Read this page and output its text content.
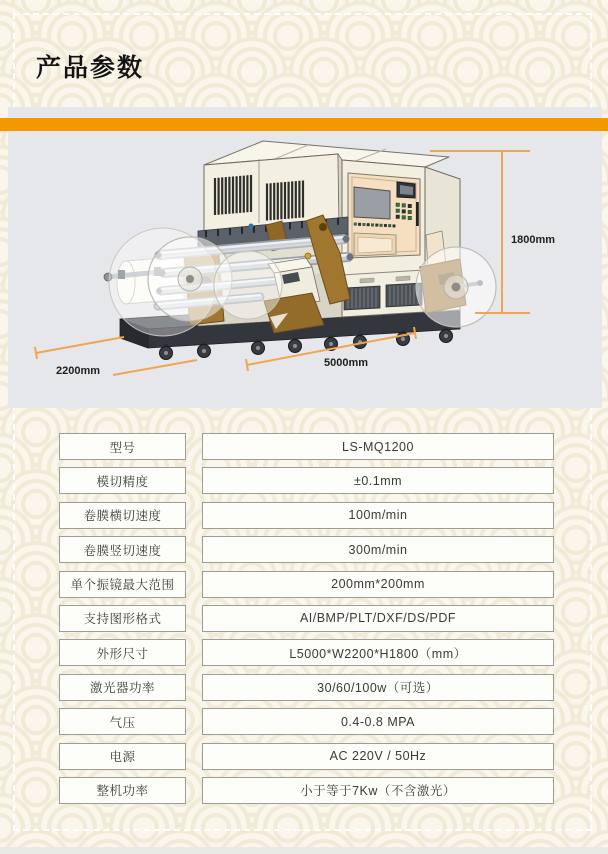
产品参数
1800mm
5000mm
2200mm
型号	LS-MQ1200
模切精度	±0.1mm
卷膜横切速度	100m/min
卷膜竖切速度	300m/min
单个振镜最大范围	200mm*200mm
支持图形格式	AI/BMP/PLT/DXF/DS/PDF
外形尺寸	L5000*W2200*H1800（mm）
激光器功率	30/60/100w（可选）
气压	0.4-0.8 MPA
电源	AC 220V / 50Hz
整机功率	小于等于7Kw（不含激光）
